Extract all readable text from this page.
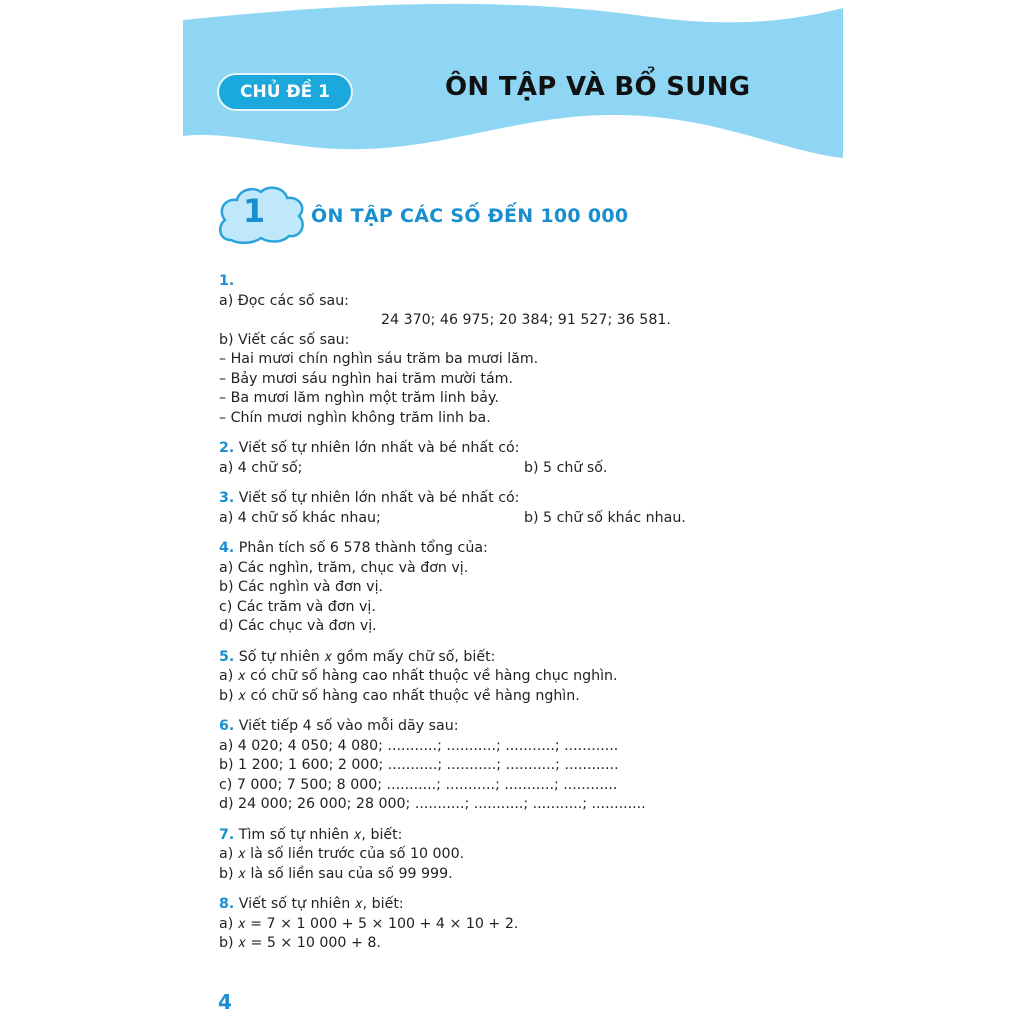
CHỦ ĐỀ 1	ÔN TẬP VÀ BỔ SUNG
1	ÔN TẬP CÁC SỐ ĐẾN 100 000

1.

a) Đọc các số sau:

24 370; 46 975; 20 384; 91 527; 36 581.

b) Viết các số sau:

– Hai mươi chín nghìn sáu trăm ba mươi lăm.

– Bảy mươi sáu nghìn hai trăm mười tám.

– Ba mươi lăm nghìn một trăm linh bảy.

– Chín mươi nghìn không trăm linh ba.

2. Viết số tự nhiên lớn nhất và bé nhất có:

a) 4 chữ số;	b) 5 chữ số.

3. Viết số tự nhiên lớn nhất và bé nhất có:

a) 4 chữ số khác nhau;	b) 5 chữ số khác nhau.

4. Phân tích số 6 578 thành tổng của:

a) Các nghìn, trăm, chục và đơn vị.

b) Các nghìn và đơn vị.

c) Các trăm và đơn vị.

d) Các chục và đơn vị.

5. Số tự nhiên 𝑥 gồm mấy chữ số, biết:

a) 𝑥 có chữ số hàng cao nhất thuộc về hàng chục nghìn.

b) 𝑥 có chữ số hàng cao nhất thuộc về hàng nghìn.

6. Viết tiếp 4 số vào mỗi dãy sau:

a) 4 020; 4 050; 4 080; ...........; ...........; ...........; ............

b) 1 200; 1 600; 2 000; ...........; ...........; ...........; ............

c) 7 000; 7 500; 8 000; ...........; ...........; ...........; ............

d) 24 000; 26 000; 28 000; ...........; ...........; ...........; ............

7. Tìm số tự nhiên 𝑥, biết:

a) 𝑥 là số liền trước của số 10 000.

b) 𝑥 là số liền sau của số 99 999.

8. Viết số tự nhiên 𝑥, biết:

a) 𝑥 = 7 × 1 000 + 5 × 100 + 4 × 10 + 2.

b) 𝑥 = 5 × 10 000 + 8.

4
